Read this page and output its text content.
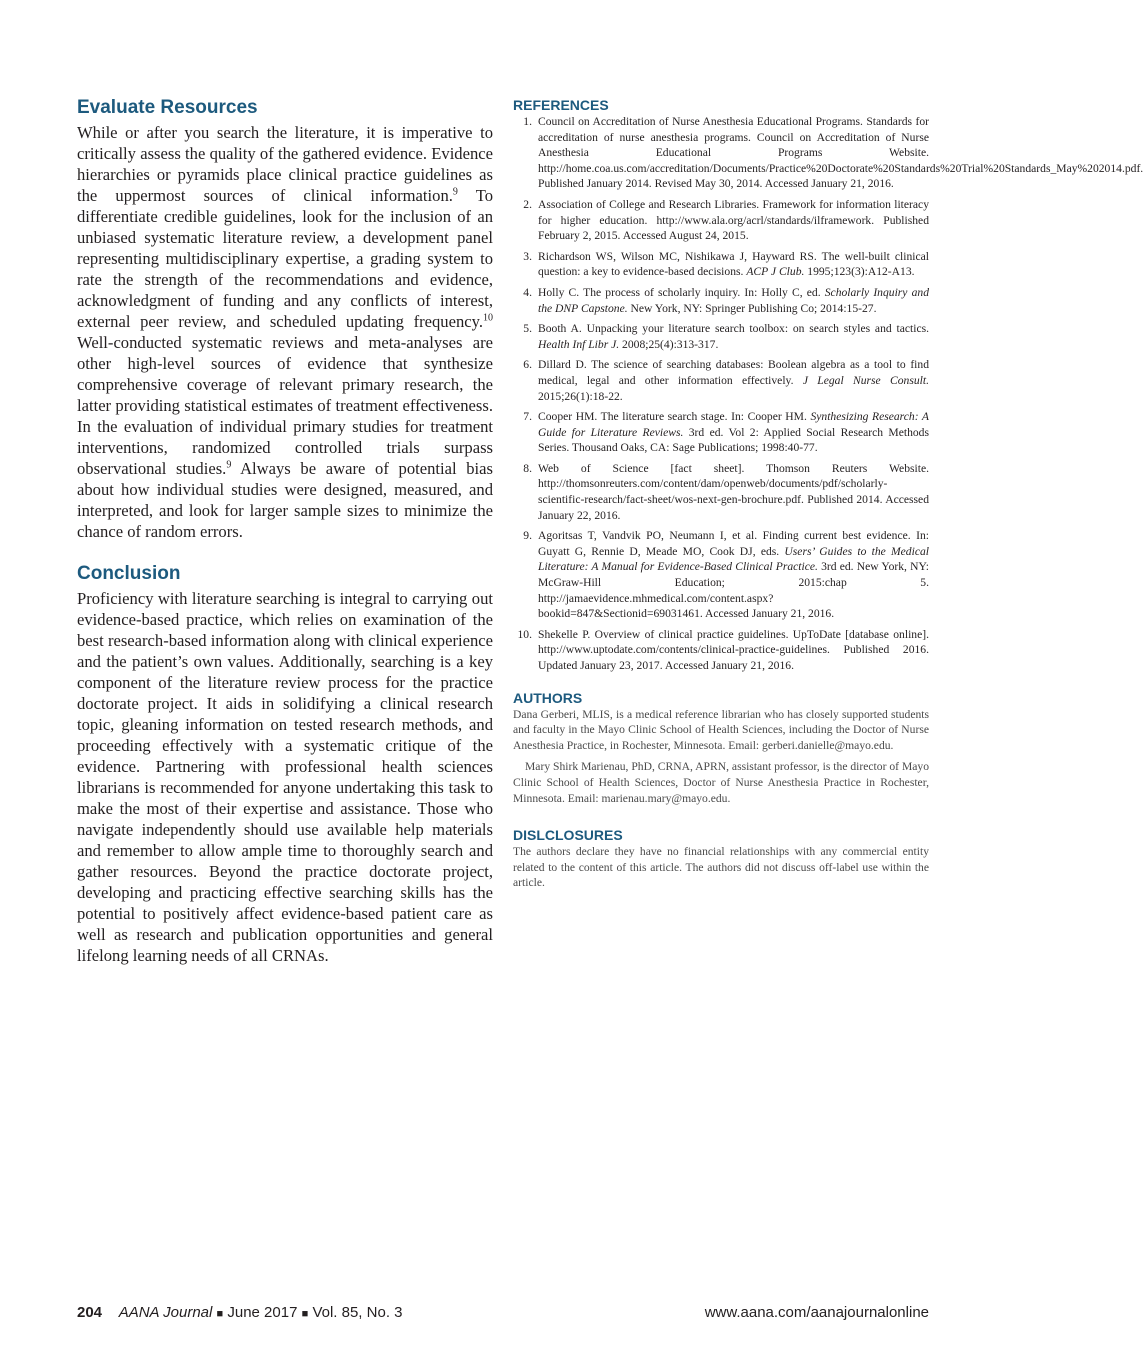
Evaluate Resources

While or after you search the literature, it is imperative to critically assess the quality of the gathered evidence. Evidence hierarchies or pyramids place clinical practice guidelines as the uppermost sources of clinical information.$^9$ To differentiate credible guidelines, look for the inclusion of an unbiased systematic literature review, a development panel representing multidisciplinary expertise, a grading system to rate the strength of the recommendations and evidence, acknowledgment of funding and any conflicts of interest, external peer review, and scheduled updating frequency.$^{10}$ Well-conducted systematic reviews and meta-analyses are other high-level sources of evidence that synthesize comprehensive coverage of relevant primary research, the latter providing statistical estimates of treatment effectiveness. In the evaluation of individual primary studies for treatment interventions, randomized controlled trials surpass observational studies.$^9$ Always be aware of potential bias about how individual studies were designed, measured, and interpreted, and look for larger sample sizes to minimize the chance of random errors.

Conclusion

Proficiency with literature searching is integral to carrying out evidence-based practice, which relies on examination of the best research-based information along with clinical experience and the patient’s own values. Additionally, searching is a key component of the literature review process for the practice doctorate project. It aids in solidifying a clinical research topic, gleaning information on tested research methods, and proceeding effectively with a systematic critique of the evidence. Partnering with professional health sciences librarians is recommended for anyone undertaking this task to make the most of their expertise and assistance. Those who navigate independently should use available help materials and remember to allow ample time to thoroughly search and gather resources. Beyond the practice doctorate project, developing and practicing effective searching skills has the potential to positively affect evidence-based patient care as well as research and publication opportunities and general lifelong learning needs of all CRNAs.

REFERENCES
1. Council on Accreditation of Nurse Anesthesia Educational Programs. Standards for accreditation of nurse anesthesia programs. Council on Accreditation of Nurse Anesthesia Educational Programs Website. http://home.coa.us.com/accreditation/Documents/Practice%20Doctorate%20Standards%20Trial%20Standards_May%202014.pdf. Published January 2014. Revised May 30, 2014. Accessed January 21, 2016.
2. Association of College and Research Libraries. Framework for information literacy for higher education. http://www.ala.org/acrl/standards/ilframework. Published February 2, 2015. Accessed August 24, 2015.
3. Richardson WS, Wilson MC, Nishikawa J, Hayward RS. The well-built clinical question: a key to evidence-based decisions. ACP J Club. 1995;123(3):A12-A13.
4. Holly C. The process of scholarly inquiry. In: Holly C, ed. Scholarly Inquiry and the DNP Capstone. New York, NY: Springer Publishing Co; 2014:15-27.
5. Booth A. Unpacking your literature search toolbox: on search styles and tactics. Health Inf Libr J. 2008;25(4):313-317.
6. Dillard D. The science of searching databases: Boolean algebra as a tool to find medical, legal and other information effectively. J Legal Nurse Consult. 2015;26(1):18-22.
7. Cooper HM. The literature search stage. In: Cooper HM. Synthesizing Research: A Guide for Literature Reviews. 3rd ed. Vol 2: Applied Social Research Methods Series. Thousand Oaks, CA: Sage Publications; 1998:40-77.
8. Web of Science [fact sheet]. Thomson Reuters Website. http://thomsonreuters.com/content/dam/openweb/documents/pdf/scholarly-scientific-research/fact-sheet/wos-next-gen-brochure.pdf. Published 2014. Accessed January 22, 2016.
9. Agoritsas T, Vandvik PO, Neumann I, et al. Finding current best evidence. In: Guyatt G, Rennie D, Meade MO, Cook DJ, eds. Users’ Guides to the Medical Literature: A Manual for Evidence-Based Clinical Practice. 3rd ed. New York, NY: McGraw-Hill Education; 2015:chap 5. http://jamaevidence.mhmedical.com/content.aspx?bookid=847&Sectionid=69031461. Accessed January 21, 2016.
10. Shekelle P. Overview of clinical practice guidelines. UpToDate [database online]. http://www.uptodate.com/contents/clinical-practice-guidelines. Published 2016. Updated January 23, 2017. Accessed January 21, 2016.
AUTHORS

Dana Gerberi, MLIS, is a medical reference librarian who has closely supported students and faculty in the Mayo Clinic School of Health Sciences, including the Doctor of Nurse Anesthesia Practice, in Rochester, Minnesota. Email: gerberi.danielle@mayo.edu.

Mary Shirk Marienau, PhD, CRNA, APRN, assistant professor, is the director of Mayo Clinic School of Health Sciences, Doctor of Nurse Anesthesia Practice in Rochester, Minnesota. Email: marienau.mary@mayo.edu.

DISLCLOSURES

The authors declare they have no financial relationships with any commercial entity related to the content of this article. The authors did not discuss off-label use within the article.

204 AANA Journal ■ June 2017 ■ Vol. 85, No. 3	www.aana.com/aanajournalonline
